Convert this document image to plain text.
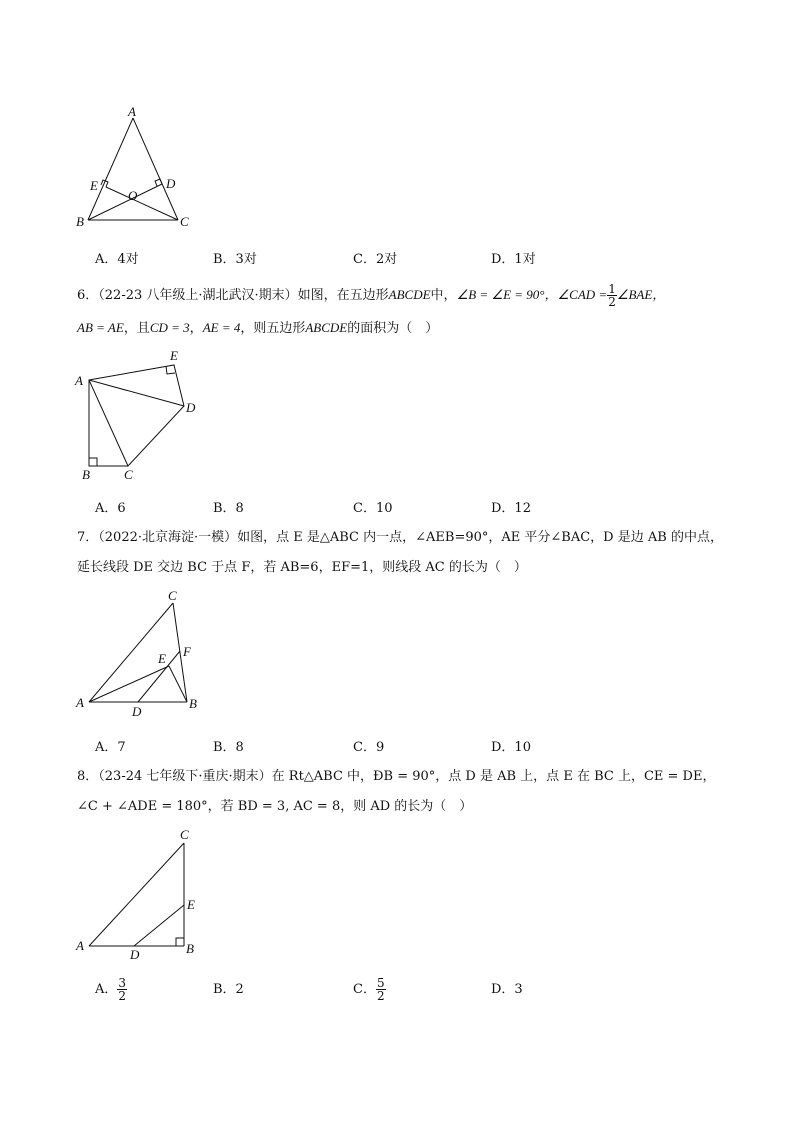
A
B	C
D
E
O
A．4对	B．3对	C．2对	D．1对
6．（22-23 八年级上·湖北武汉·期末）如图，在五边形ABCDE中，∠B = ∠E = 90°，∠CAD = $\frac{1}{2}$ ∠BAE，
AB = AE，且CD = 3，AE = 4，则五边形ABCDE的面积为（　）
A
B	C
D
E
A．6	B．8	C．10	D．12
7．（2022·北京海淀·一模）如图，点 E 是△ABC 内一点，∠AEB=90°，AE 平分∠BAC，D 是边 AB 的中点，
延长线段 DE 交边 BC 于点 F，若 AB=6，EF=1，则线段 AC 的长为（　）
A	B
C
D
E F
A．7	B．8	C．9	D．10
8．（23-24 七年级下·重庆·期末）在 Rt△ABC 中，ÐB = 90°，点 D 是 AB 上，点 E 在 BC 上，CE = DE，
∠C + ∠ADE = 180°，若 BD = 3, AC = 8，则 AD 的长为（　）
A	B
C
D
E
A． $\frac{3}{2}$	B．2	C． $\frac{5}{2}$	D．3
